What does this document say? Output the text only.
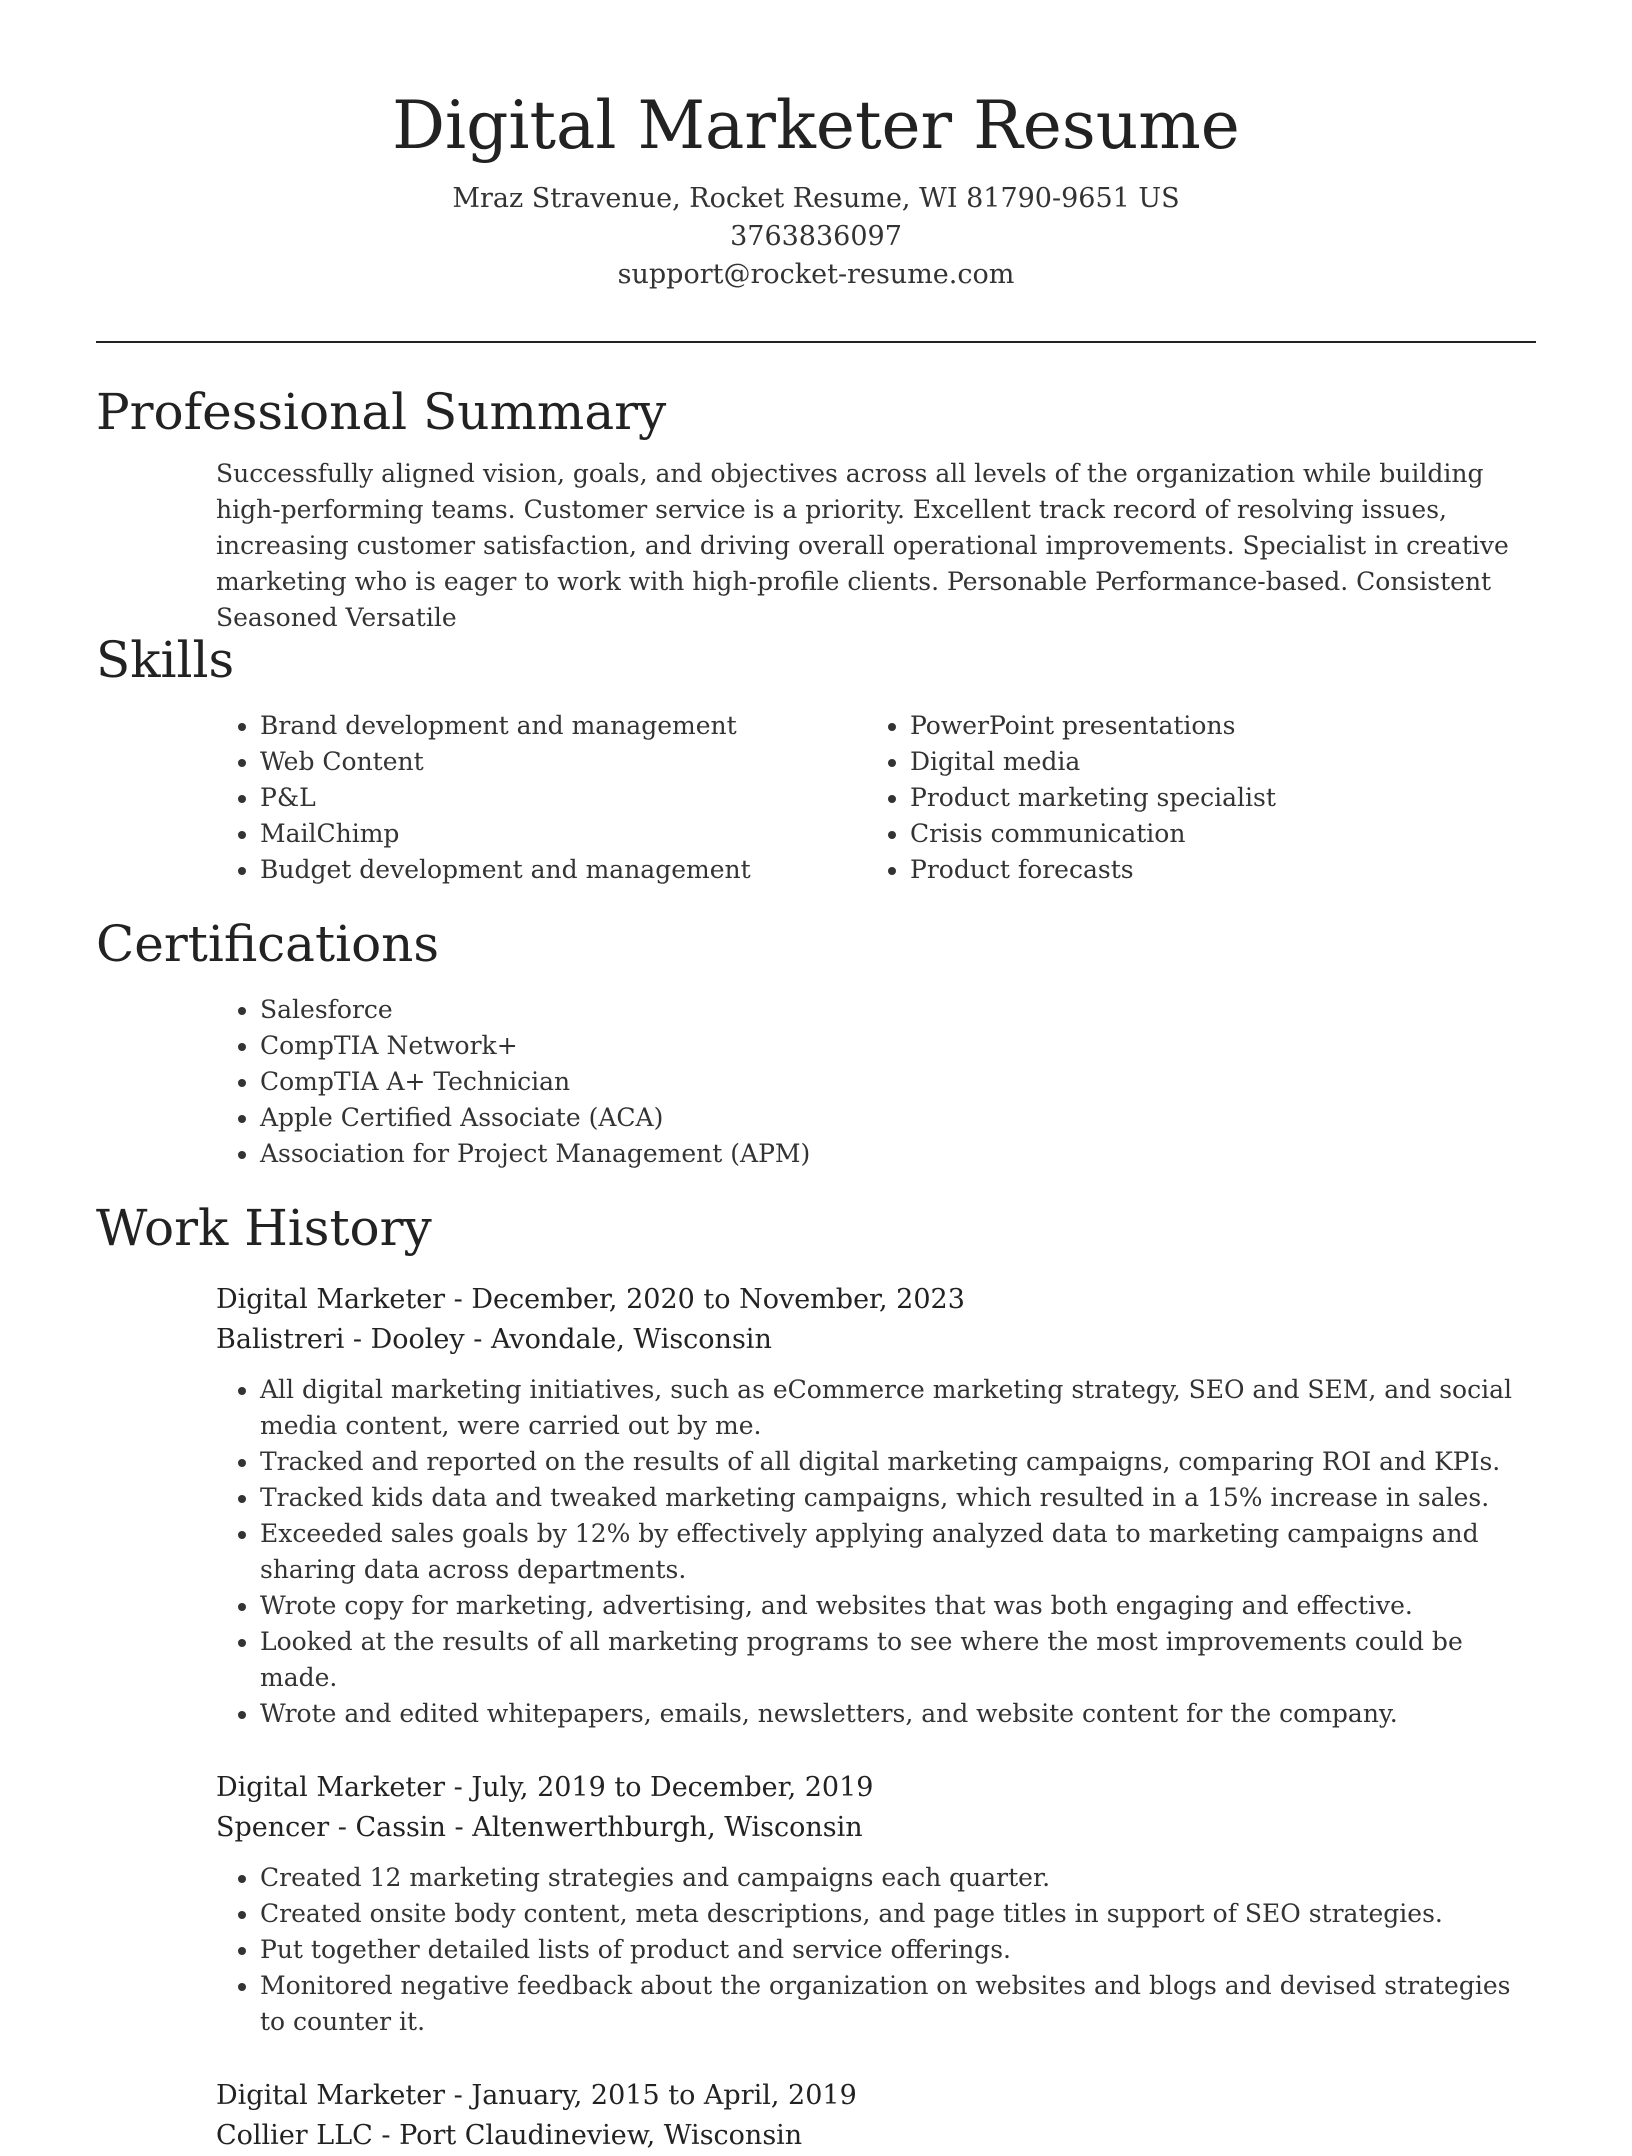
Digital Marketer Resume
Mraz Stravenue, Rocket Resume, WI 81790-9651 US
3763836097
support@rocket-resume.com
Professional Summary

Successfully aligned vision, goals, and objectives across all levels of the organization while building high-performing teams. Customer service is a priority. Excellent track record of resolving issues, increasing customer satisfaction, and driving overall operational improvements. Specialist in creative marketing who is eager to work with high-profile clients. Personable Performance-based. Consistent Seasoned Versatile

Skills
• Brand development and management
• Web Content
• P&L
• MailChimp
• Budget development and management
• PowerPoint presentations
• Digital media
• Product marketing specialist
• Crisis communication
• Product forecasts
Certifications
• Salesforce
• CompTIA Network+
• CompTIA A+ Technician
• Apple Certified Associate (ACA)
• Association for Project Management (APM)
Work History
Digital Marketer - December, 2020 to November, 2023
Balistreri - Dooley - Avondale, Wisconsin
• All digital marketing initiatives, such as eCommerce marketing strategy, SEO and SEM, and social media content, were carried out by me.
• Tracked and reported on the results of all digital marketing campaigns, comparing ROI and KPIs.
• Tracked kids data and tweaked marketing campaigns, which resulted in a 15% increase in sales.
• Exceeded sales goals by 12% by effectively applying analyzed data to marketing campaigns and sharing data across departments.
• Wrote copy for marketing, advertising, and websites that was both engaging and effective.
• Looked at the results of all marketing programs to see where the most improvements could be made.
• Wrote and edited whitepapers, emails, newsletters, and website content for the company.
Digital Marketer - July, 2019 to December, 2019
Spencer - Cassin - Altenwerthburgh, Wisconsin
• Created 12 marketing strategies and campaigns each quarter.
• Created onsite body content, meta descriptions, and page titles in support of SEO strategies.
• Put together detailed lists of product and service offerings.
• Monitored negative feedback about the organization on websites and blogs and devised strategies to counter it.
Digital Marketer - January, 2015 to April, 2019
Collier LLC - Port Claudineview, Wisconsin
